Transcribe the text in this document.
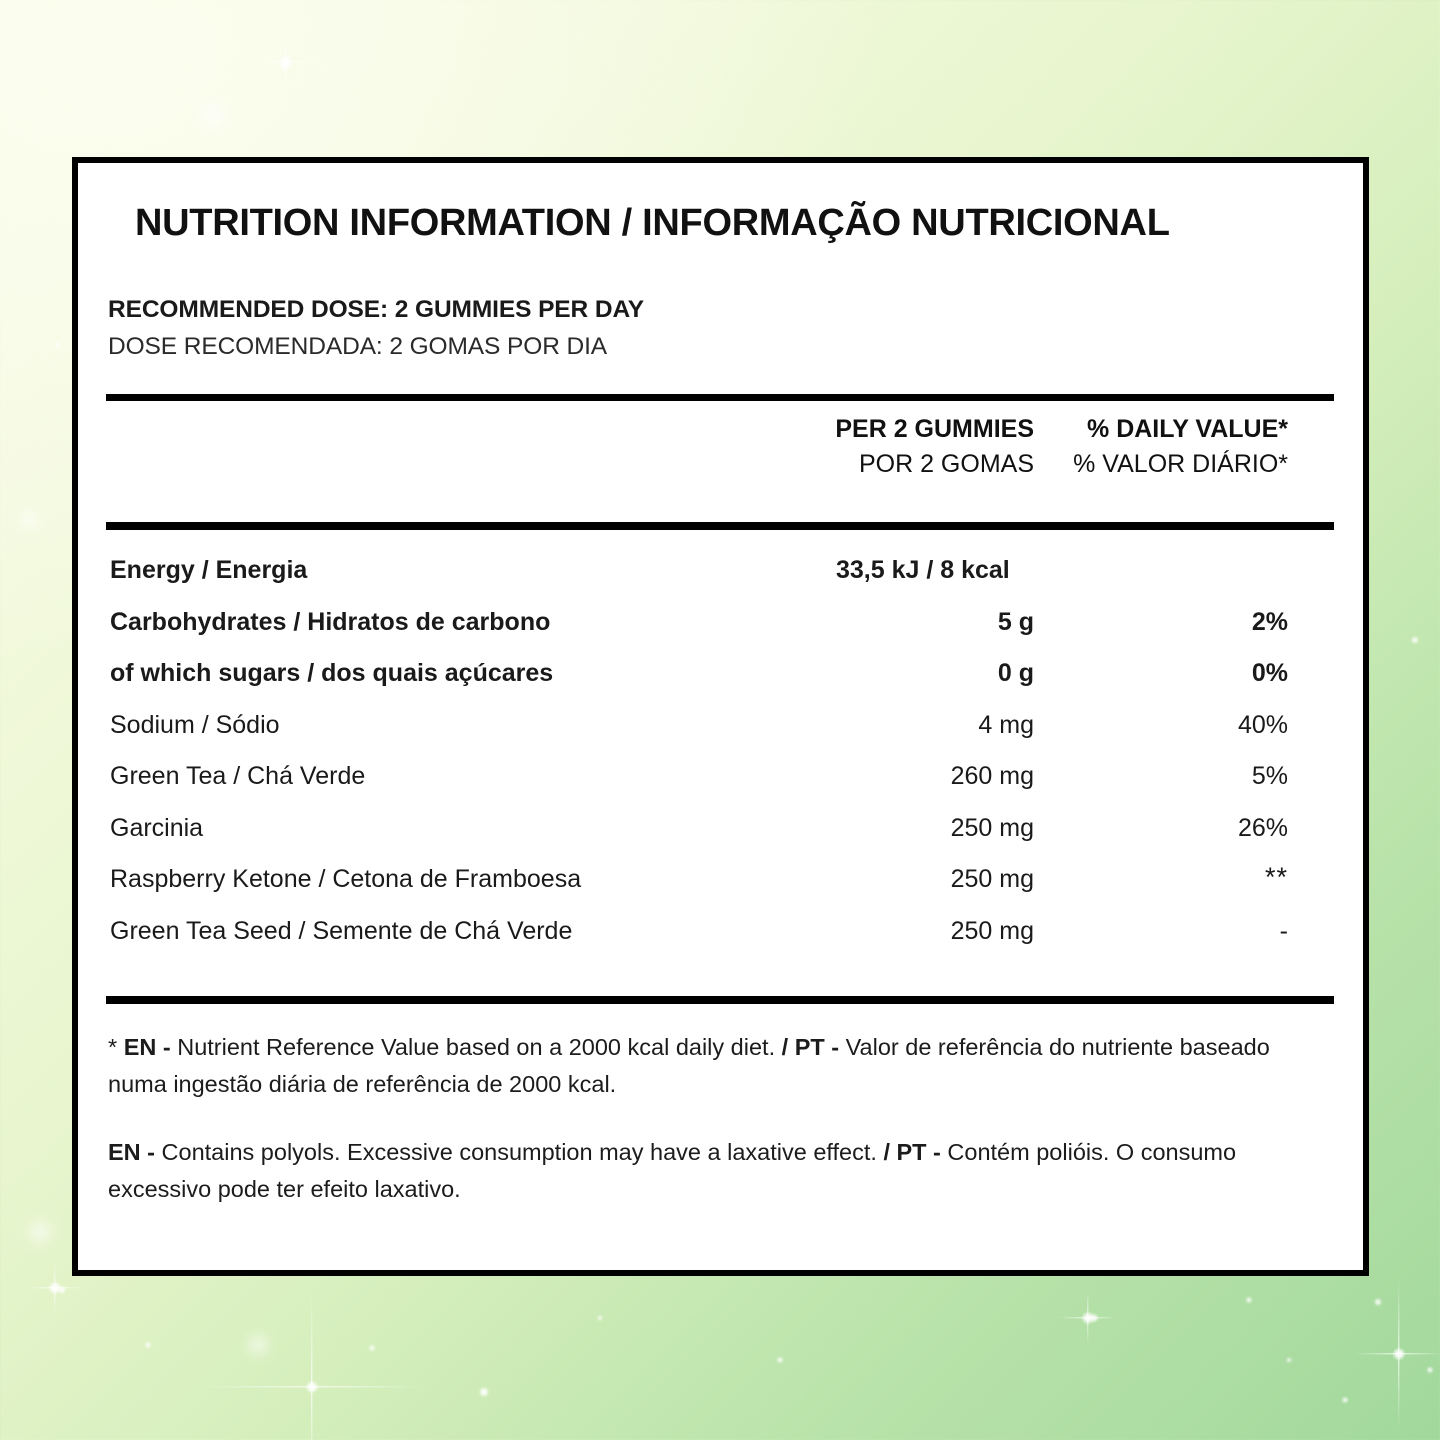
NUTRITION INFORMATION / INFORMAÇÃO NUTRICIONAL
RECOMMENDED DOSE: 2 GUMMIES PER DAY
DOSE RECOMENDADA: 2 GOMAS POR DIA
PER 2 GUMMIES
POR 2 GOMAS
% DAILY VALUE*
% VALOR DIÁRIO*
Energy / Energia	33,5 kJ / 8 kcal
Carbohydrates / Hidratos de carbono	5 g	2%
of which sugars / dos quais açúcares	0 g	0%
Sodium / Sódio	4 mg	40%
Green Tea / Chá Verde	260 mg	5%
Garcinia	250 mg	26%
Raspberry Ketone / Cetona de Framboesa	250 mg	**
Green Tea Seed / Semente de Chá Verde	250 mg	-

* EN - Nutrient Reference Value based on a 2000 kcal daily diet. / PT - Valor de referência do nutriente baseado numa ingestão diária de referência de 2000 kcal.

EN - Contains polyols. Excessive consumption may have a laxative effect. / PT - Contém polióis. O consumo excessivo pode ter efeito laxativo.
